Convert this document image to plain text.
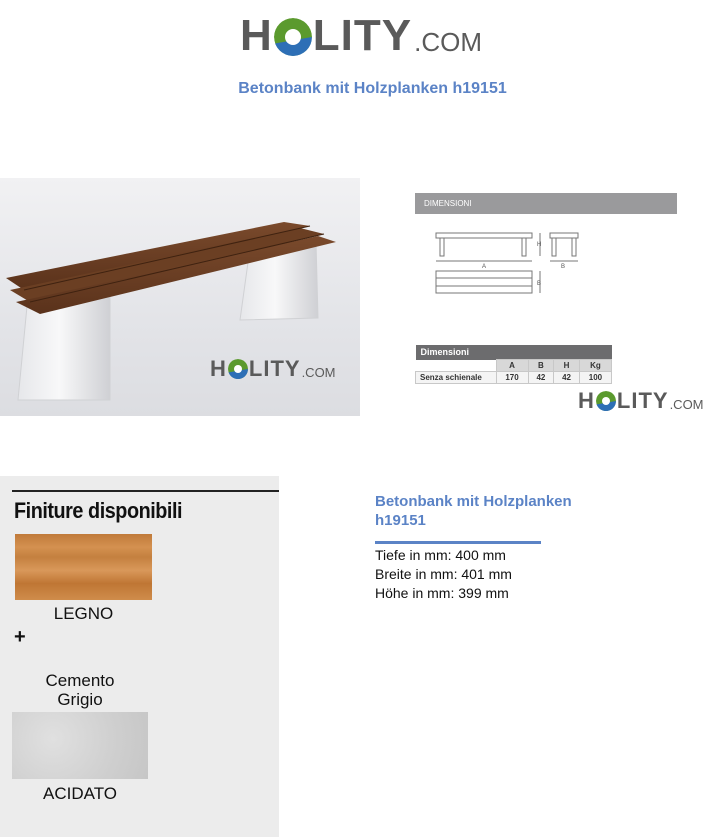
H LITY .COM
Betonbank mit Holzplanken h19151
H LITY .COM
DIMENSIONI
A
H
B
B
Dimensioni				
	A	B	H	Kg
Senza schienale	170	42	42	100
H LITY .COM
Finiture disponibili
LEGNO
+
Cemento
Grigio
ACIDATO
Betonbank mit Holzplanken
h19151
Tiefe in mm: 400 mm
Breite in mm: 401 mm
Höhe in mm: 399 mm
